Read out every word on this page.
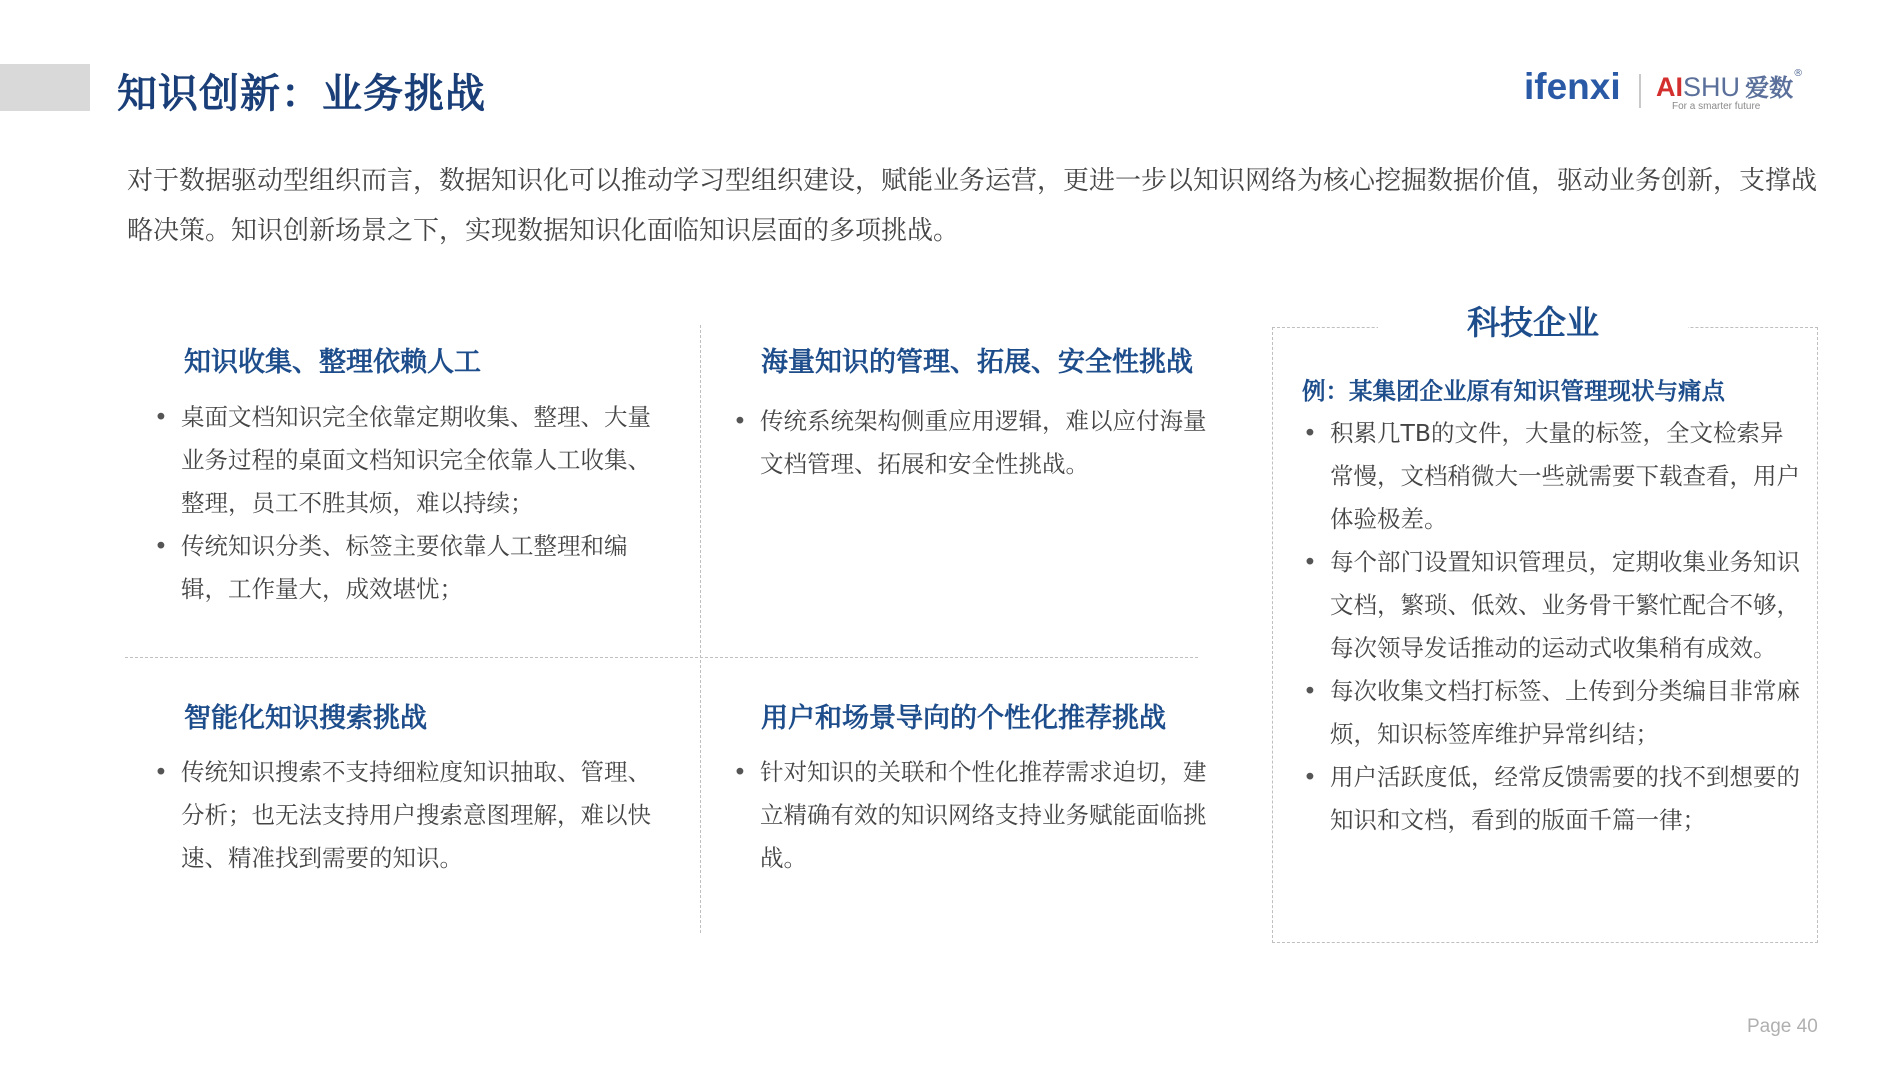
知识创新：业务挑战	ifenxi AISHU 爱数®
For a smarter future
对于数据驱动型组织而言，数据知识化可以推动学习型组织建设，赋能业务运营，更进一步以知识网络为核心挖掘数据价值，驱动业务创新，支撑战略决策。知识创新场景之下，实现数据知识化面临知识层面的多项挑战。
知识收集、整理依赖人工
• 桌面文档知识完全依靠定期收集、整理、大量业务过程的桌面文档知识完全依靠人工收集、整理，员工不胜其烦，难以持续；
• 传统知识分类、标签主要依靠人工整理和编辑，工作量大，成效堪忧；
海量知识的管理、拓展、安全性挑战
• 传统系统架构侧重应用逻辑，难以应付海量文档管理、拓展和安全性挑战。
智能化知识搜索挑战
• 传统知识搜索不支持细粒度知识抽取、管理、分析；也无法支持用户搜索意图理解，难以快速、精准找到需要的知识。
用户和场景导向的个性化推荐挑战
• 针对知识的关联和个性化推荐需求迫切，建立精确有效的知识网络支持业务赋能面临挑战。
科技企业
例：某集团企业原有知识管理现状与痛点
• 积累几TB的文件，大量的标签，全文检索异常慢，文档稍微大一些就需要下载查看，用户体验极差。
• 每个部门设置知识管理员，定期收集业务知识文档，繁琐、低效、业务骨干繁忙配合不够，每次领导发话推动的运动式收集稍有成效。
• 每次收集文档打标签、上传到分类编目非常麻烦，知识标签库维护异常纠结；
• 用户活跃度低，经常反馈需要的找不到想要的知识和文档，看到的版面千篇一律；
Page 40
